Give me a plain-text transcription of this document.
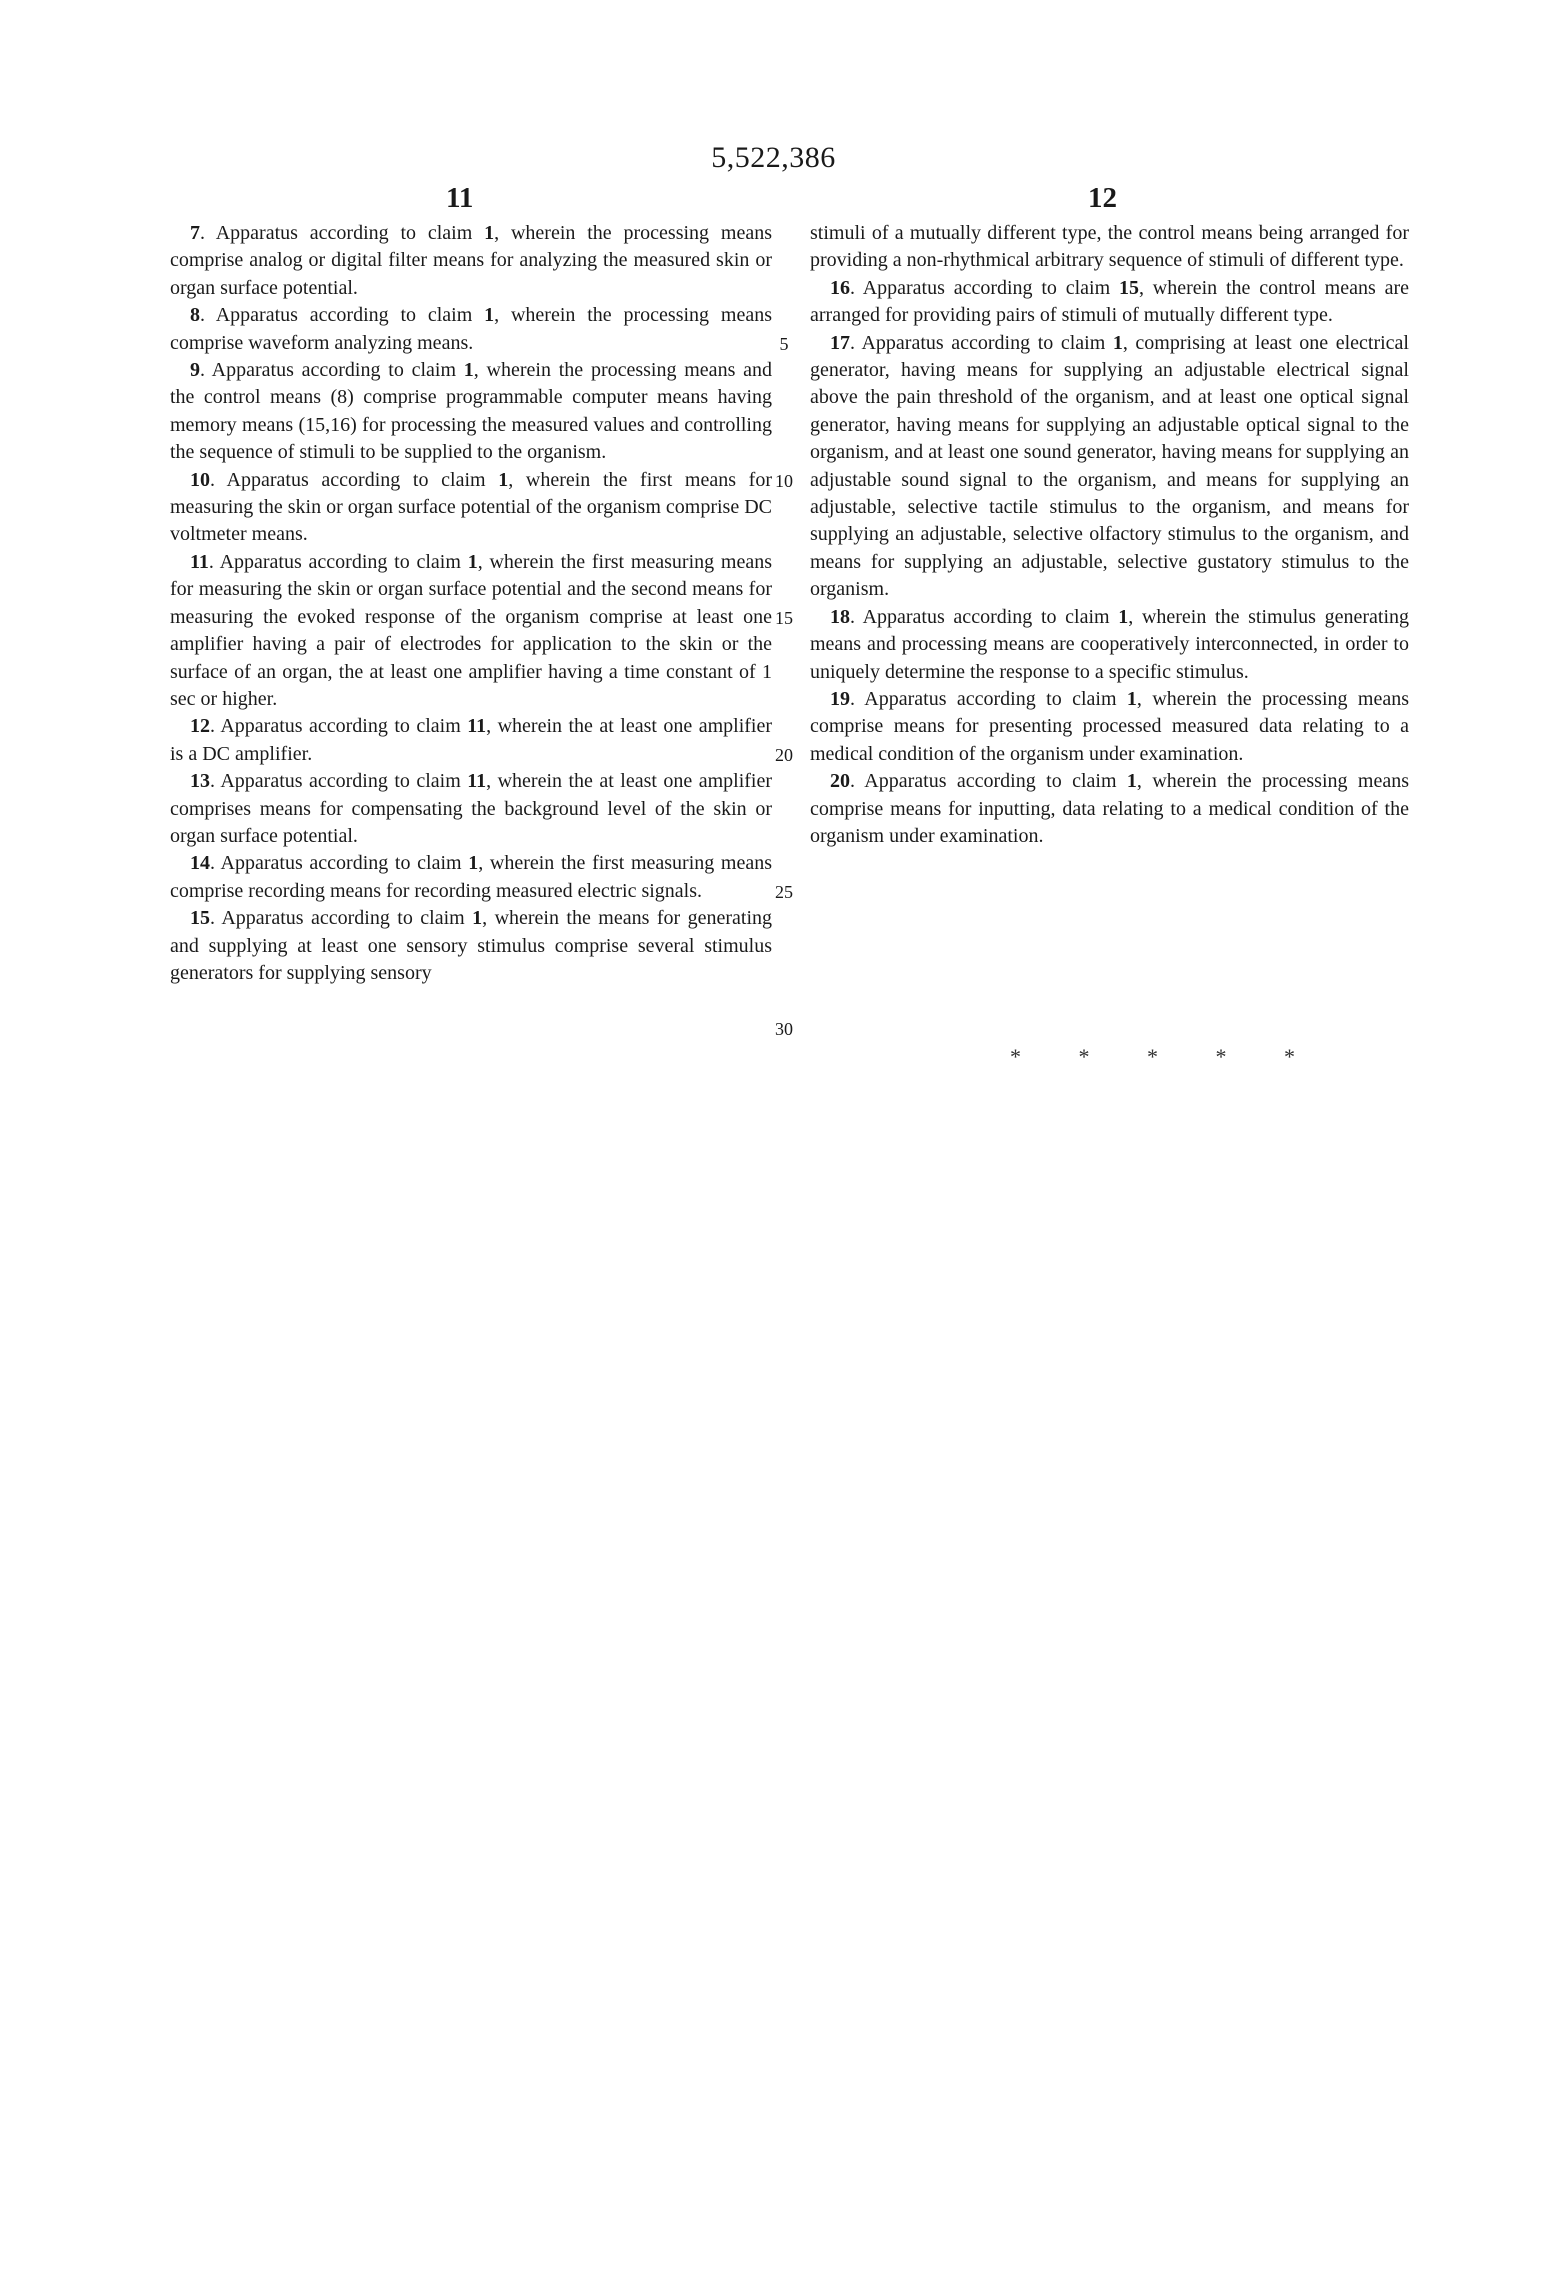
5,522,386
11	12

7. Apparatus according to claim 1, wherein the processing means comprise analog or digital filter means for analyzing the measured skin or organ surface potential.

8. Apparatus according to claim 1, wherein the processing means comprise waveform analyzing means.

9. Apparatus according to claim 1, wherein the processing means and the control means (8) comprise programmable computer means having memory means (15,16) for processing the measured values and controlling the sequence of stimuli to be supplied to the organism.

10. Apparatus according to claim 1, wherein the first means for measuring the skin or organ surface potential of the organism comprise DC voltmeter means.

11. Apparatus according to claim 1, wherein the first measuring means for measuring the skin or organ surface potential and the second means for measuring the evoked response of the organism comprise at least one amplifier having a pair of electrodes for application to the skin or the surface of an organ, the at least one amplifier having a time constant of 1 sec or higher.

12. Apparatus according to claim 11, wherein the at least one amplifier is a DC amplifier.

13. Apparatus according to claim 11, wherein the at least one amplifier comprises means for compensating the background level of the skin or organ surface potential.

14. Apparatus according to claim 1, wherein the first measuring means comprise recording means for recording measured electric signals.

15. Apparatus according to claim 1, wherein the means for generating and supplying at least one sensory stimulus comprise several stimulus generators for supplying sensory

5
10
15
20
25
30

stimuli of a mutually different type, the control means being arranged for providing a non-rhythmical arbitrary sequence of stimuli of different type.

16. Apparatus according to claim 15, wherein the control means are arranged for providing pairs of stimuli of mutually different type.

17. Apparatus according to claim 1, comprising at least one electrical generator, having means for supplying an adjustable electrical signal above the pain threshold of the organism, and at least one optical signal generator, having means for supplying an adjustable optical signal to the organism, and at least one sound generator, having means for supplying an adjustable sound signal to the organism, and means for supplying an adjustable, selective tactile stimulus to the organism, and means for supplying an adjustable, selective olfactory stimulus to the organism, and means for supplying an adjustable, selective gustatory stimulus to the organism.

18. Apparatus according to claim 1, wherein the stimulus generating means and processing means are cooperatively interconnected, in order to uniquely determine the response to a specific stimulus.

19. Apparatus according to claim 1, wherein the processing means comprise means for presenting processed measured data relating to a medical condition of the organism under examination.

20. Apparatus according to claim 1, wherein the processing means comprise means for inputting, data relating to a medical condition of the organism under examination.

* * * * *
